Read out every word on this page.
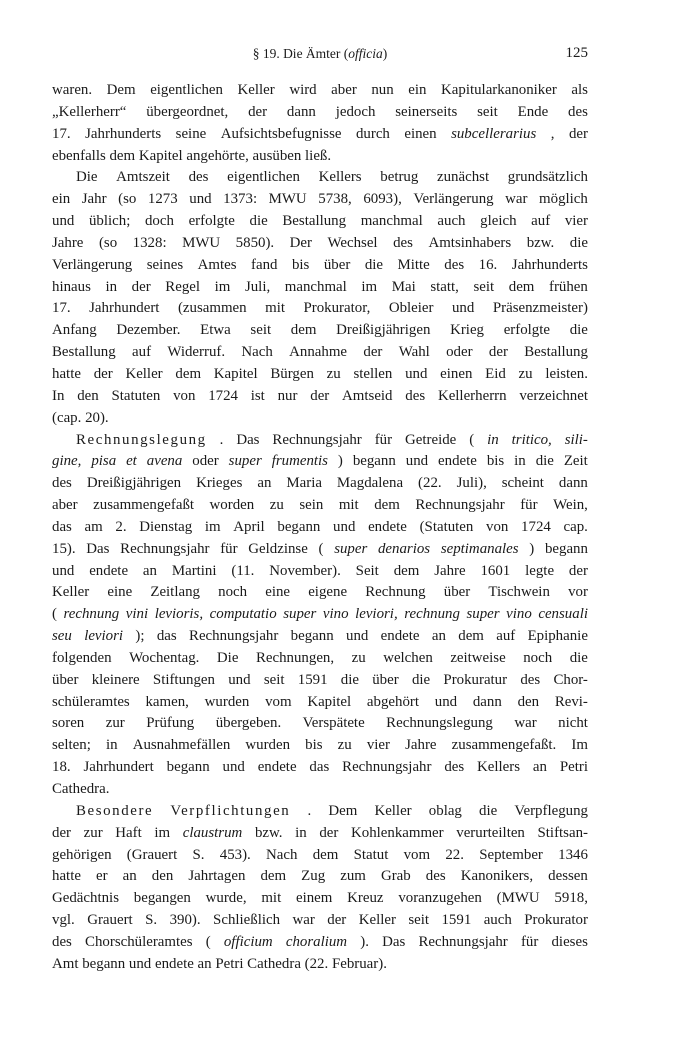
§ 19. Die Ämter (officia)	125
waren. Dem eigentlichen Keller wird aber nun ein Kapitularkanoniker als
„Kellerherr“ übergeordnet, der dann jedoch seinerseits seit Ende des
17. Jahrhunderts seine Aufsichtsbefugnisse durch einen subcellerarius , der
ebenfalls dem Kapitel angehörte, ausüben ließ.
Die Amtszeit des eigentlichen Kellers betrug zunächst grundsätzlich
ein Jahr (so 1273 und 1373: MWU 5738, 6093), Verlängerung war möglich
und üblich; doch erfolgte die Bestallung manchmal auch gleich auf vier
Jahre (so 1328: MWU 5850). Der Wechsel des Amtsinhabers bzw. die
Verlängerung seines Amtes fand bis über die Mitte des 16. Jahrhunderts
hinaus in der Regel im Juli, manchmal im Mai statt, seit dem frühen
17. Jahrhundert (zusammen mit Prokurator, Obleier und Präsenzmeister)
Anfang Dezember. Etwa seit dem Dreißigjährigen Krieg erfolgte die
Bestallung auf Widerruf. Nach Annahme der Wahl oder der Bestallung
hatte der Keller dem Kapitel Bürgen zu stellen und einen Eid zu leisten.
In den Statuten von 1724 ist nur der Amtseid des Kellerherrn verzeichnet
(cap. 20).
Rechnungslegung . Das Rechnungsjahr für Getreide ( in tritico, sili-
gine, pisa et avena oder super frumentis ) begann und endete bis in die Zeit
des Dreißigjährigen Krieges an Maria Magdalena (22. Juli), scheint dann
aber zusammengefaßt worden zu sein mit dem Rechnungsjahr für Wein,
das am 2. Dienstag im April begann und endete (Statuten von 1724 cap.
15). Das Rechnungsjahr für Geldzinse ( super denarios septimanales ) begann
und endete an Martini (11. November). Seit dem Jahre 1601 legte der
Keller eine Zeitlang noch eine eigene Rechnung über Tischwein vor
( rechnung vini levioris, computatio super vino leviori, rechnung super vino censuali
seu leviori ); das Rechnungsjahr begann und endete an dem auf Epiphanie
folgenden Wochentag. Die Rechnungen, zu welchen zeitweise noch die
über kleinere Stiftungen und seit 1591 die über die Prokuratur des Chor-
schüleramtes kamen, wurden vom Kapitel abgehört und dann den Revi-
soren zur Prüfung übergeben. Verspätete Rechnungslegung war nicht
selten; in Ausnahmefällen wurden bis zu vier Jahre zusammengefaßt. Im
18. Jahrhundert begann und endete das Rechnungsjahr des Kellers an Petri
Cathedra.
Besondere Verpflichtungen . Dem Keller oblag die Verpflegung
der zur Haft im claustrum bzw. in der Kohlenkammer verurteilten Stiftsan-
gehörigen (Grauert S. 453). Nach dem Statut vom 22. September 1346
hatte er an den Jahrtagen dem Zug zum Grab des Kanonikers, dessen
Gedächtnis begangen wurde, mit einem Kreuz voranzugehen (MWU 5918,
vgl. Grauert S. 390). Schließlich war der Keller seit 1591 auch Prokurator
des Chorschüleramtes ( officium choralium ). Das Rechnungsjahr für dieses
Amt begann und endete an Petri Cathedra (22. Februar).
